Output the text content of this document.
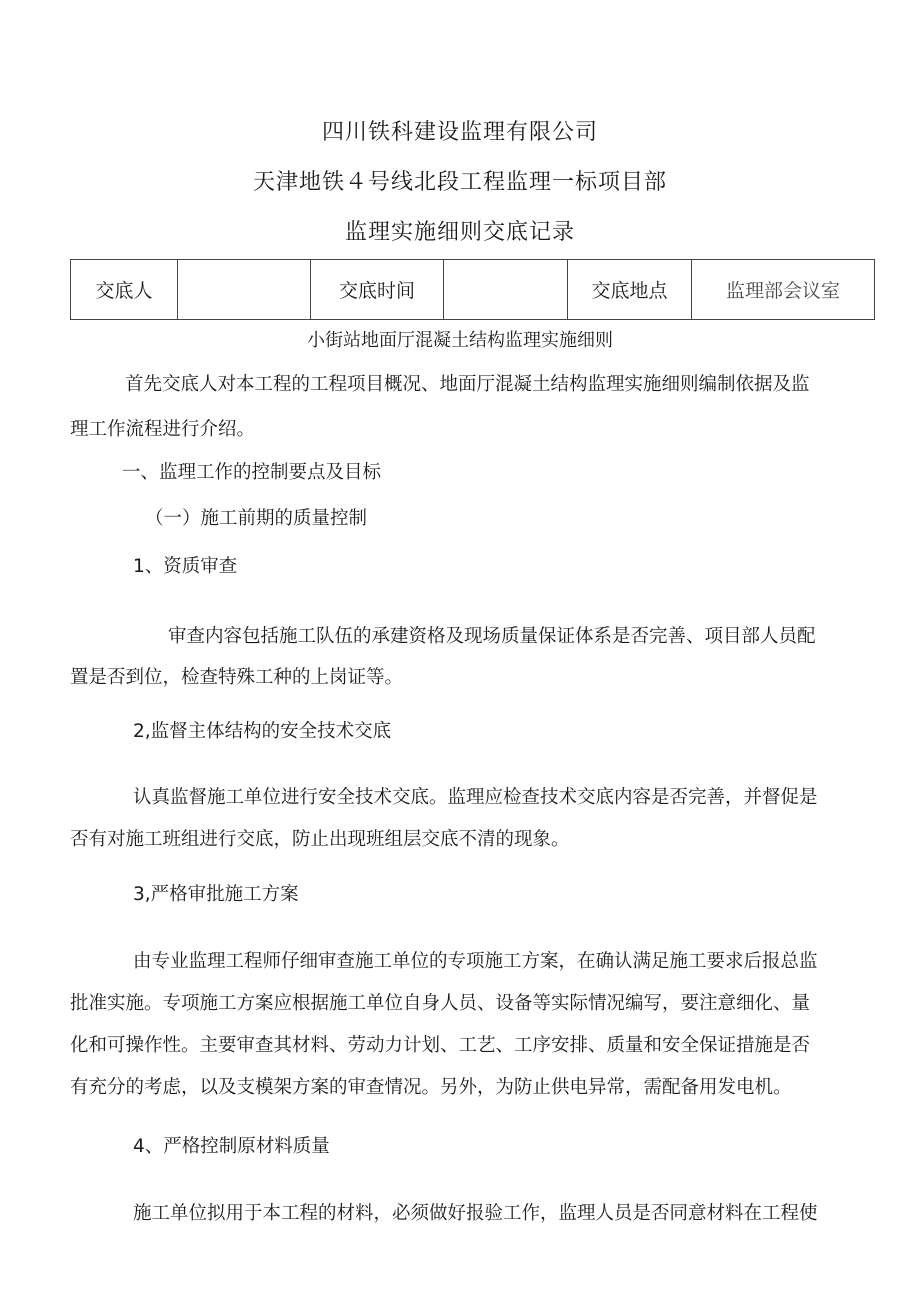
四川铁科建设监理有限公司
天津地铁４号线北段工程监理一标项目部
监理实施细则交底记录
交底人		交底时间		交底地点	监理部会议室

小街站地面厅混凝土结构监理实施细则

首先交底人对本工程的工程项目概况、地面厅混凝土结构监理实施细则编制依据及监

理工作流程进行介绍。

一、监理工作的控制要点及目标

（一）施工前期的质量控制

1、资质审查

审查内容包括施工队伍的承建资格及现场质量保证体系是否完善、项目部人员配

置是否到位，检查特殊工种的上岗证等。

2,监督主体结构的安全技术交底

认真监督施工单位进行安全技术交底。监理应检查技术交底内容是否完善，并督促是

否有对施工班组进行交底，防止出现班组层交底不清的现象。

3,严格审批施工方案

由专业监理工程师仔细审查施工单位的专项施工方案，在确认满足施工要求后报总监

批准实施。专项施工方案应根据施工单位自身人员、设备等实际情况编写，要注意细化、量

化和可操作性。主要审查其材料、劳动力计划、工艺、工序安排、质量和安全保证措施是否

有充分的考虑，以及支模架方案的审查情况。另外，为防止供电异常，需配备用发电机。

4、严格控制原材料质量

施工单位拟用于本工程的材料，必须做好报验工作，监理人员是否同意材料在工程使
